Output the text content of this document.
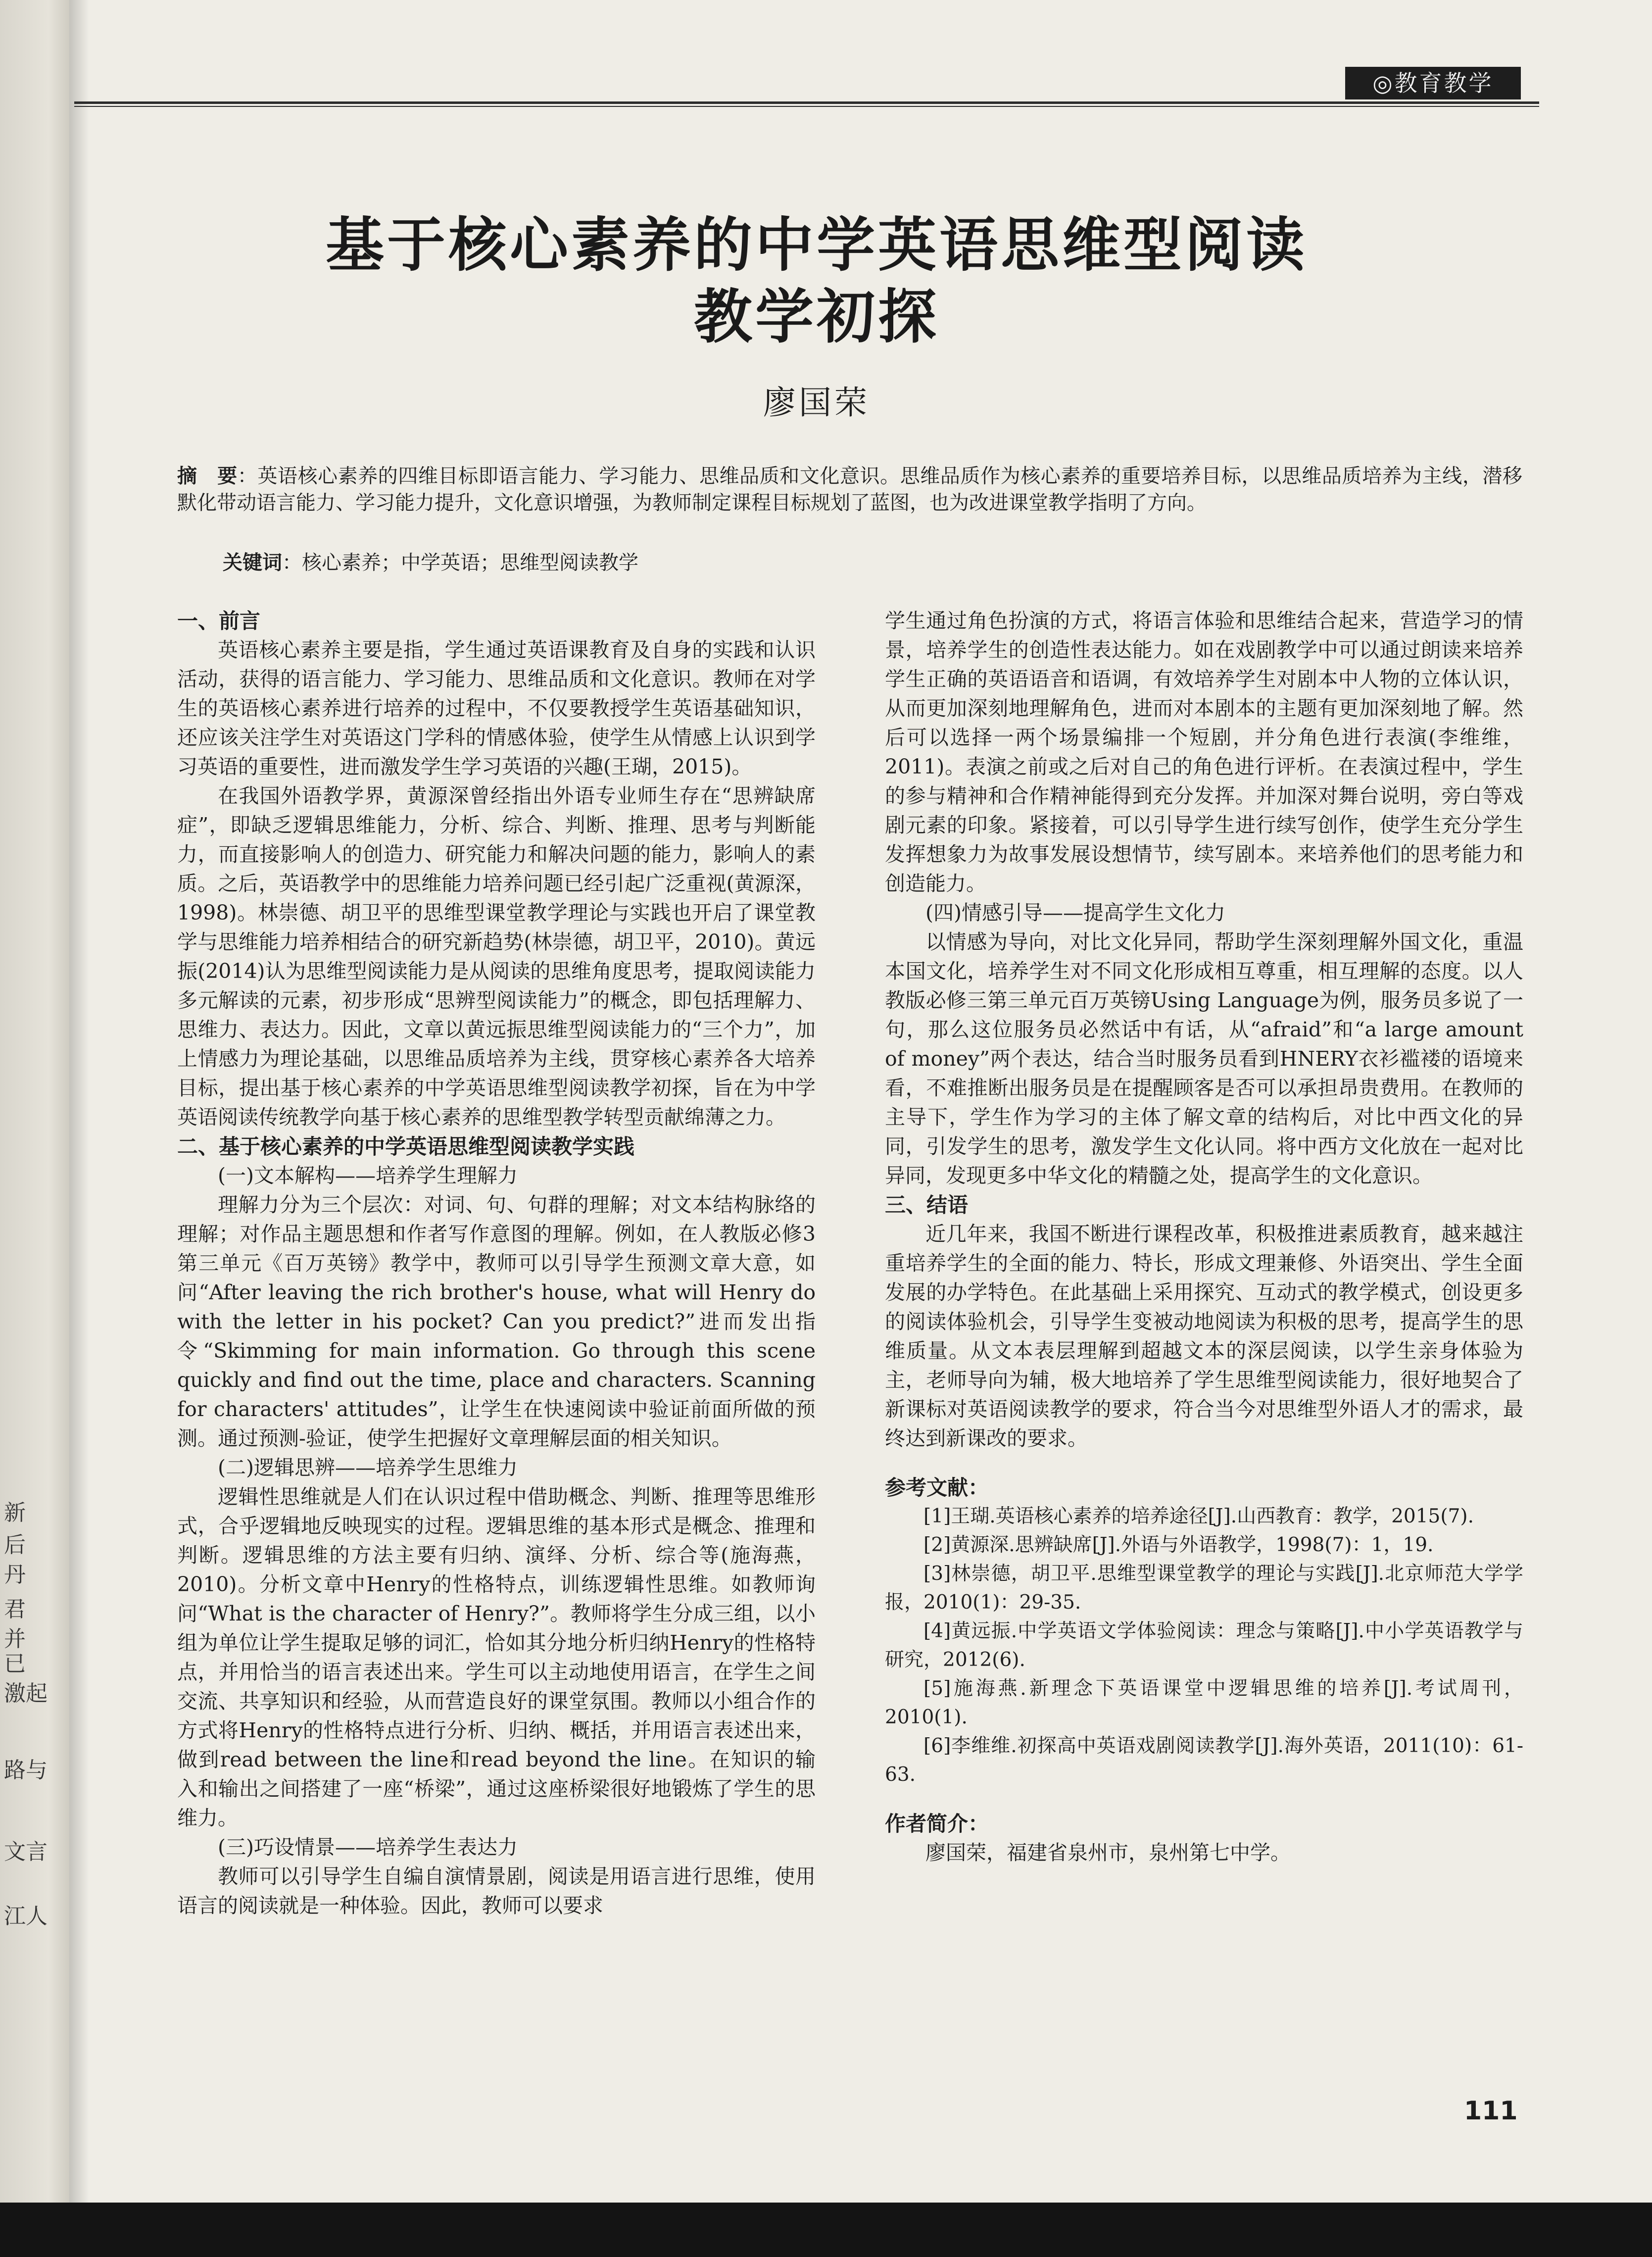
新
后
丹
君
并
已
激起
路与
文言
江人
◎教育教学
基于核心素养的中学英语思维型阅读
教学初探
廖国荣
摘　要：英语核心素养的四维目标即语言能力、学习能力、思维品质和文化意识。思维品质作为核心素养的重要培养目标，以思维品质培养为主线，潜移默化带动语言能力、学习能力提升，文化意识增强，为教师制定课程目标规划了蓝图，也为改进课堂教学指明了方向。
关键词：核心素养；中学英语；思维型阅读教学
一、前言

英语核心素养主要是指，学生通过英语课教育及自身的实践和认识活动，获得的语言能力、学习能力、思维品质和文化意识。教师在对学生的英语核心素养进行培养的过程中，不仅要教授学生英语基础知识，还应该关注学生对英语这门学科的情感体验，使学生从情感上认识到学习英语的重要性，进而激发学生学习英语的兴趣(王瑚，2015)。

在我国外语教学界，黄源深曾经指出外语专业师生存在“思辨缺席症”，即缺乏逻辑思维能力，分析、综合、判断、推理、思考与判断能力，而直接影响人的创造力、研究能力和解决问题的能力，影响人的素质。之后，英语教学中的思维能力培养问题已经引起广泛重视(黄源深，1998)。林崇德、胡卫平的思维型课堂教学理论与实践也开启了课堂教学与思维能力培养相结合的研究新趋势(林崇德，胡卫平，2010)。黄远振(2014)认为思维型阅读能力是从阅读的思维角度思考，提取阅读能力多元解读的元素，初步形成“思辨型阅读能力”的概念，即包括理解力、思维力、表达力。因此，文章以黄远振思维型阅读能力的“三个力”，加上情感力为理论基础，以思维品质培养为主线，贯穿核心素养各大培养目标，提出基于核心素养的中学英语思维型阅读教学初探，旨在为中学英语阅读传统教学向基于核心素养的思维型教学转型贡献绵薄之力。

二、基于核心素养的中学英语思维型阅读教学实践
(一)文本解构——培养学生理解力

理解力分为三个层次：对词、句、句群的理解；对文本结构脉络的理解；对作品主题思想和作者写作意图的理解。例如，在人教版必修3第三单元《百万英镑》教学中，教师可以引导学生预测文章大意，如问“After leaving the rich brother's house, what will Henry do with the letter in his pocket? Can you predict?”进而发出指令“Skimming for main information. Go through this scene quickly and find out the time, place and characters. Scanning for characters' attitudes”，让学生在快速阅读中验证前面所做的预测。通过预测-验证，使学生把握好文章理解层面的相关知识。

(二)逻辑思辨——培养学生思维力

逻辑性思维就是人们在认识过程中借助概念、判断、推理等思维形式，合乎逻辑地反映现实的过程。逻辑思维的基本形式是概念、推理和判断。逻辑思维的方法主要有归纳、演绎、分析、综合等(施海燕，2010)。分析文章中Henry的性格特点，训练逻辑性思维。如教师询问“What is the character of Henry?”。教师将学生分成三组，以小组为单位让学生提取足够的词汇，恰如其分地分析归纳Henry的性格特点，并用恰当的语言表述出来。学生可以主动地使用语言，在学生之间交流、共享知识和经验，从而营造良好的课堂氛围。教师以小组合作的方式将Henry的性格特点进行分析、归纳、概括，并用语言表述出来，做到read between the line和read beyond the line。在知识的输入和输出之间搭建了一座“桥梁”，通过这座桥梁很好地锻炼了学生的思维力。

(三)巧设情景——培养学生表达力

教师可以引导学生自编自演情景剧，阅读是用语言进行思维，使用语言的阅读就是一种体验。因此，教师可以要求

学生通过角色扮演的方式，将语言体验和思维结合起来，营造学习的情景，培养学生的创造性表达能力。如在戏剧教学中可以通过朗读来培养学生正确的英语语音和语调，有效培养学生对剧本中人物的立体认识，从而更加深刻地理解角色，进而对本剧本的主题有更加深刻地了解。然后可以选择一两个场景编排一个短剧，并分角色进行表演(李维维，2011)。表演之前或之后对自己的角色进行评析。在表演过程中，学生的参与精神和合作精神能得到充分发挥。并加深对舞台说明，旁白等戏剧元素的印象。紧接着，可以引导学生进行续写创作，使学生充分学生发挥想象力为故事发展设想情节，续写剧本。来培养他们的思考能力和创造能力。

(四)情感引导——提高学生文化力

以情感为导向，对比文化异同，帮助学生深刻理解外国文化，重温本国文化，培养学生对不同文化形成相互尊重，相互理解的态度。以人教版必修三第三单元百万英镑Using Language为例，服务员多说了一句，那么这位服务员必然话中有话，从“afraid”和“a large amount of money”两个表达，结合当时服务员看到HNERY衣衫褴褛的语境来看，不难推断出服务员是在提醒顾客是否可以承担昂贵费用。在教师的主导下，学生作为学习的主体了解文章的结构后，对比中西文化的异同，引发学生的思考，激发学生文化认同。将中西方文化放在一起对比异同，发现更多中华文化的精髓之处，提高学生的文化意识。

三、结语

近几年来，我国不断进行课程改革，积极推进素质教育，越来越注重培养学生的全面的能力、特长，形成文理兼修、外语突出、学生全面发展的办学特色。在此基础上采用探究、互动式的教学模式，创设更多的阅读体验机会，引导学生变被动地阅读为积极的思考，提高学生的思维质量。从文本表层理解到超越文本的深层阅读，以学生亲身体验为主，老师导向为辅，极大地培养了学生思维型阅读能力，很好地契合了新课标对英语阅读教学的要求，符合当今对思维型外语人才的需求，最终达到新课改的要求。

参考文献：

[1]王瑚.英语核心素养的培养途径[J].山西教育：教学，2015(7).

[2]黄源深.思辨缺席[J].外语与外语教学，1998(7)：1，19.

[3]林崇德，胡卫平.思维型课堂教学的理论与实践[J].北京师范大学学报，2010(1)：29-35.

[4]黄远振.中学英语文学体验阅读：理念与策略[J].中小学英语教学与研究，2012(6).

[5]施海燕.新理念下英语课堂中逻辑思维的培养[J].考试周刊，2010(1).

[6]李维维.初探高中英语戏剧阅读教学[J].海外英语，2011(10)：61-63.

作者简介：

廖国荣，福建省泉州市，泉州第七中学。

111
